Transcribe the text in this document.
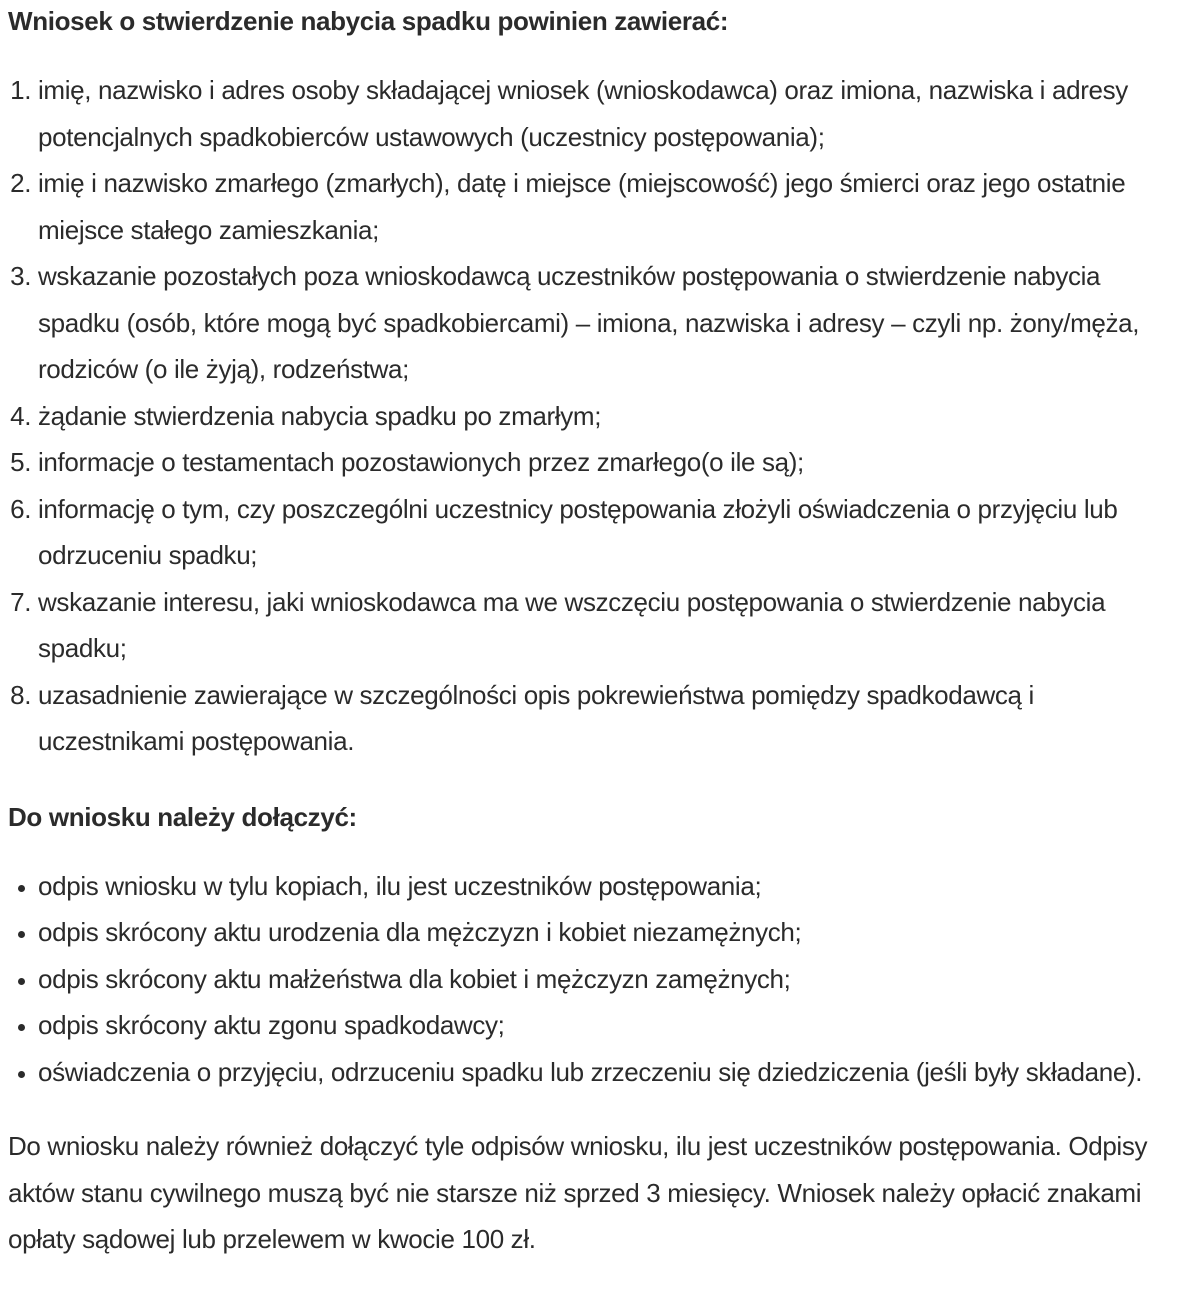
Wniosek o stwierdzenie nabycia spadku powinien zawierać:

1. imię, nazwisko i adres osoby składającej wniosek (wnioskodawca) oraz imiona, nazwiska i adresy potencjalnych spadkobierców ustawowych (uczestnicy postępowania);
2. imię i nazwisko zmarłego (zmarłych), datę i miejsce (miejscowość) jego śmierci oraz jego ostatnie miejsce stałego zamieszkania;
3. wskazanie pozostałych poza wnioskodawcą uczestników postępowania o stwierdzenie nabycia spadku (osób, które mogą być spadkobiercami) – imiona, nazwiska i adresy – czyli np. żony/męża, rodziców (o ile żyją), rodzeństwa;
4. żądanie stwierdzenia nabycia spadku po zmarłym;
5. informacje o testamentach pozostawionych przez zmarłego(o ile są);
6. informację o tym, czy poszczególni uczestnicy postępowania złożyli oświadczenia o przyjęciu lub odrzuceniu spadku;
7. wskazanie interesu, jaki wnioskodawca ma we wszczęciu postępowania o stwierdzenie nabycia spadku;
8. uzasadnienie zawierające w szczególności opis pokrewieństwa pomiędzy spadkodawcą i uczestnikami postępowania.

Do wniosku należy dołączyć:

• odpis wniosku w tylu kopiach, ilu jest uczestników postępowania;
• odpis skrócony aktu urodzenia dla mężczyzn i kobiet niezamężnych;
• odpis skrócony aktu małżeństwa dla kobiet i mężczyzn zamężnych;
• odpis skrócony aktu zgonu spadkodawcy;
• oświadczenia o przyjęciu, odrzuceniu spadku lub zrzeczeniu się dziedziczenia (jeśli były składane).

Do wniosku należy również dołączyć tyle odpisów wniosku, ilu jest uczestników postępowania. Odpisy aktów stanu cywilnego muszą być nie starsze niż sprzed 3 miesięcy. Wniosek należy opłacić znakami opłaty sądowej lub przelewem w kwocie 100 zł.
